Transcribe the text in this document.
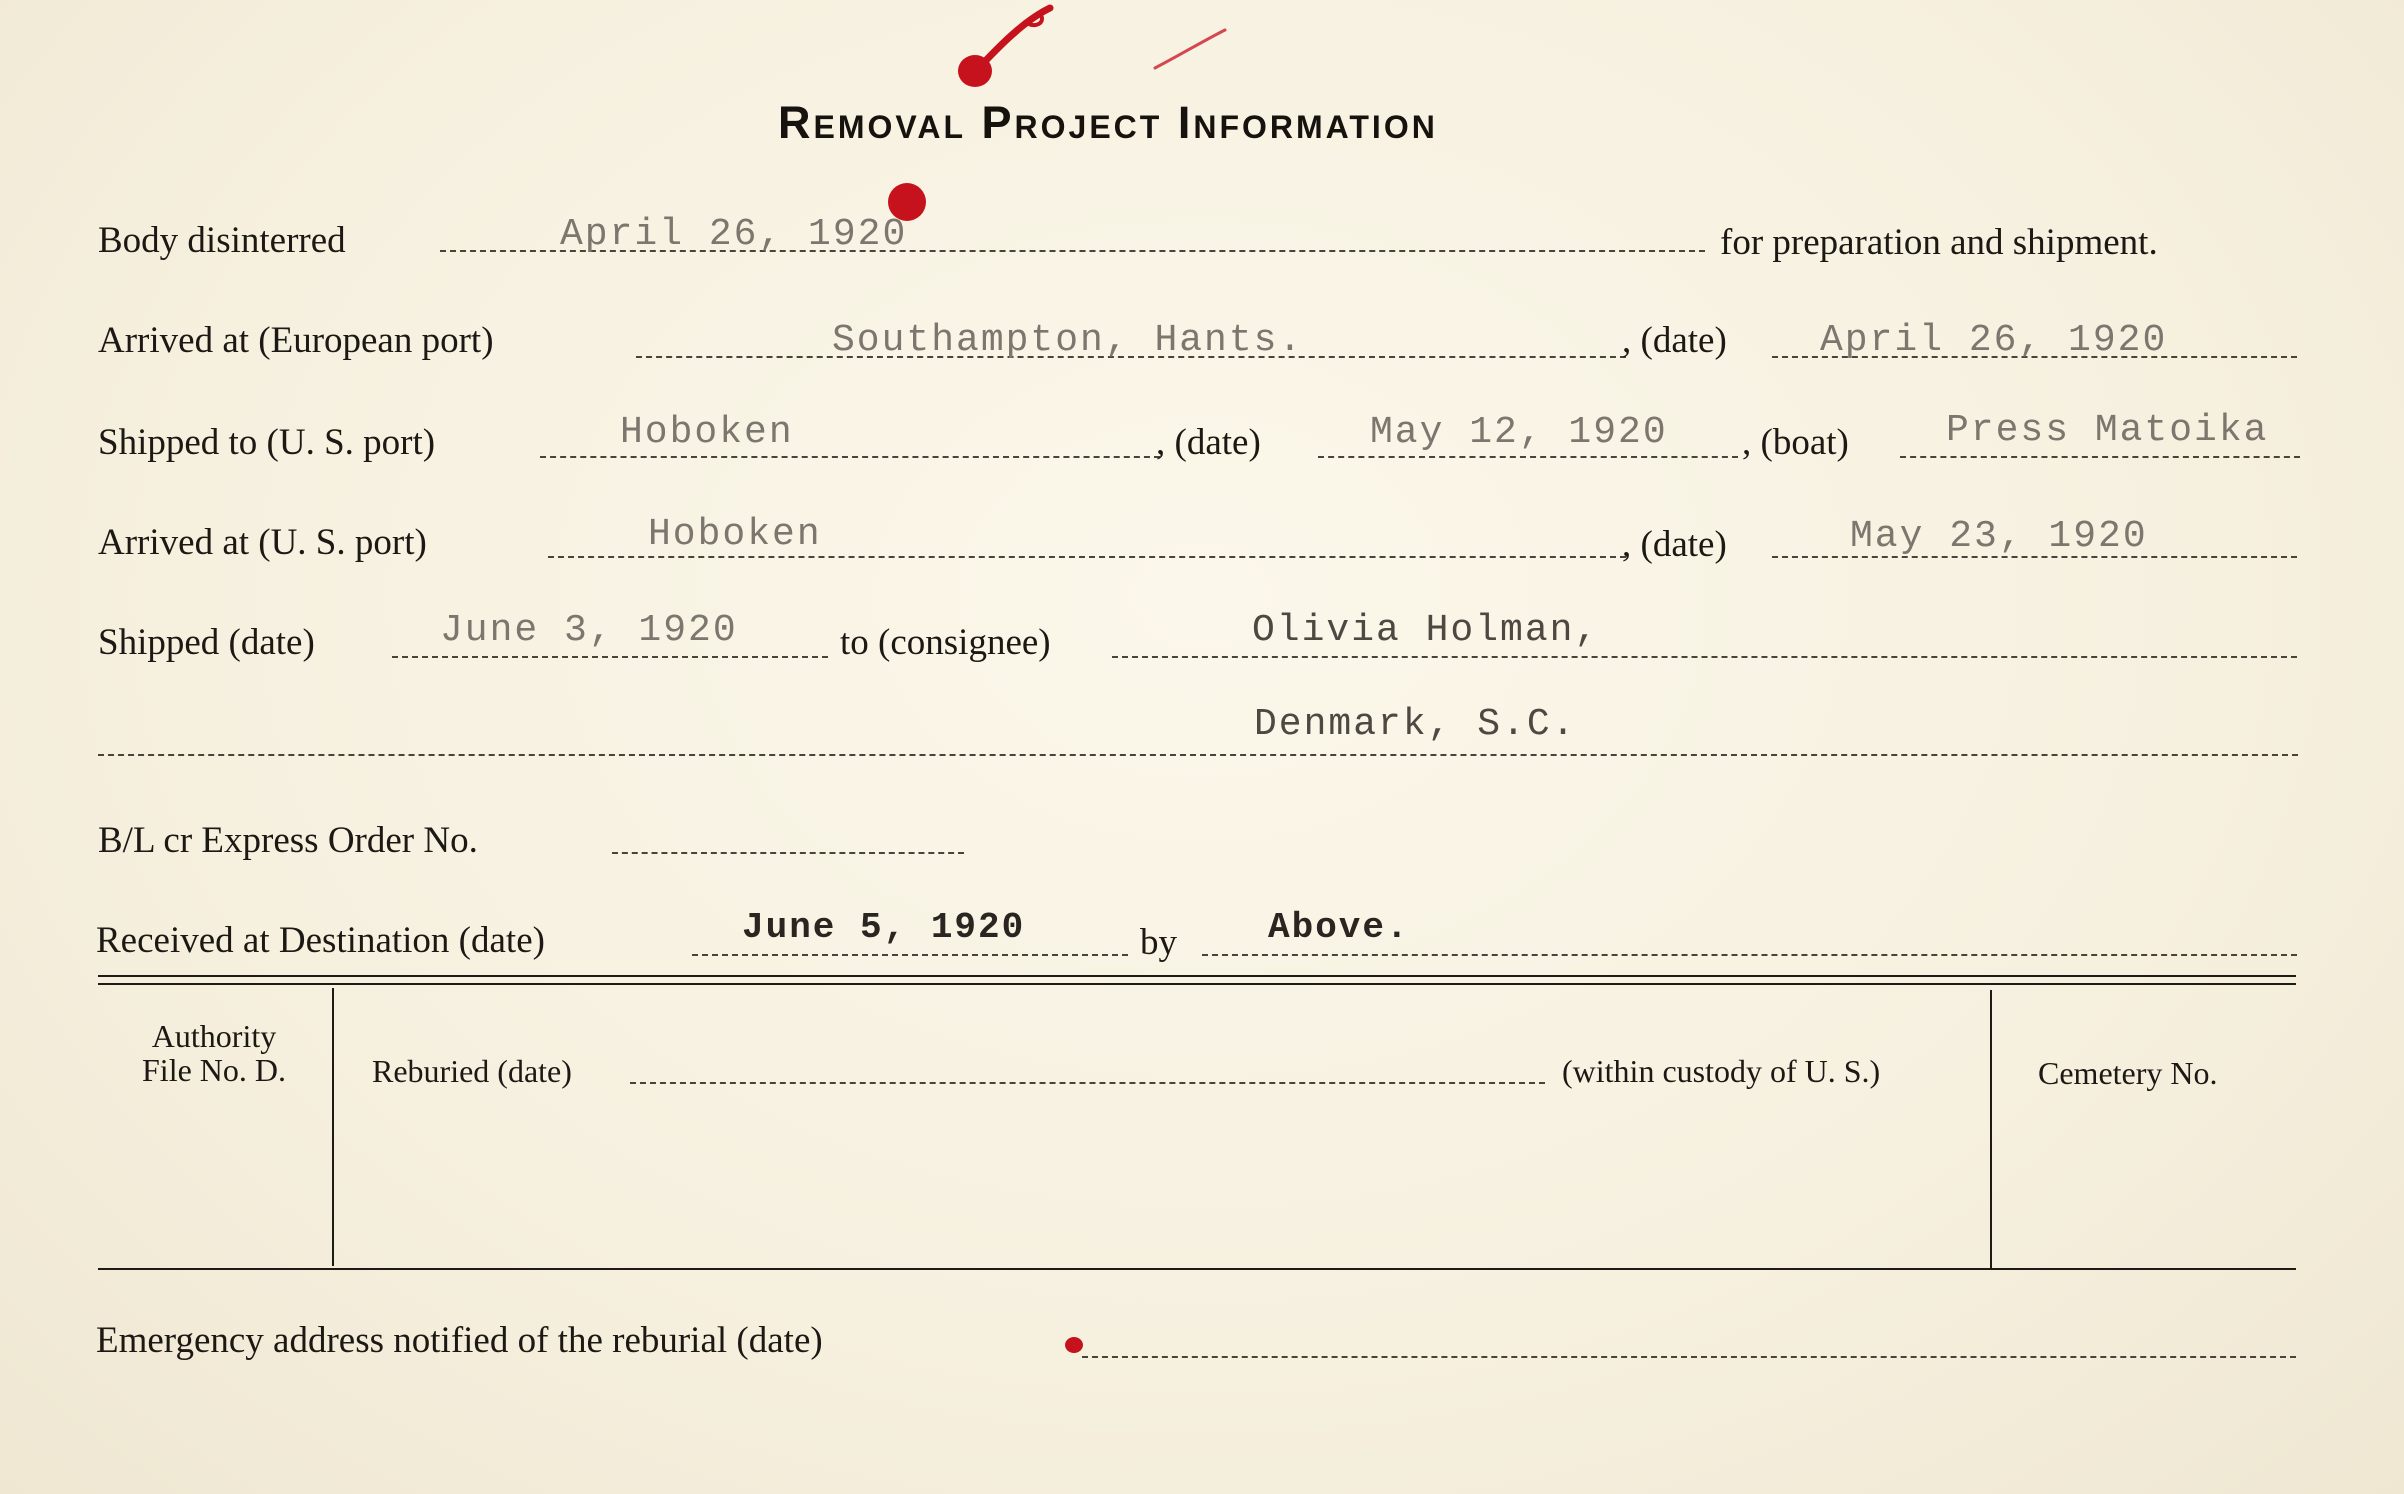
Removal Project Information
Body disinterred	April 26, 1920	for preparation and shipment.
Arrived at (European port)	Southampton, Hants.	, (date) April 26, 1920
Shipped to (U. S. port)	Hoboken	, (date)	May 12, 1920 , (boat)	Press Matoika
Arrived at (U. S. port)	Hoboken	, (date)	May 23, 1920
Shipped (date)	June 3, 1920	to (consignee)	Olivia Holman,
Denmark, S.C.
B/L cr Express Order No.
Received at Destination (date)	June 5, 1920	by	Above.
Authority
File No. D.	Reburied (date)	(within custody of U. S.)	Cemetery No.
Emergency address notified of the reburial (date)
